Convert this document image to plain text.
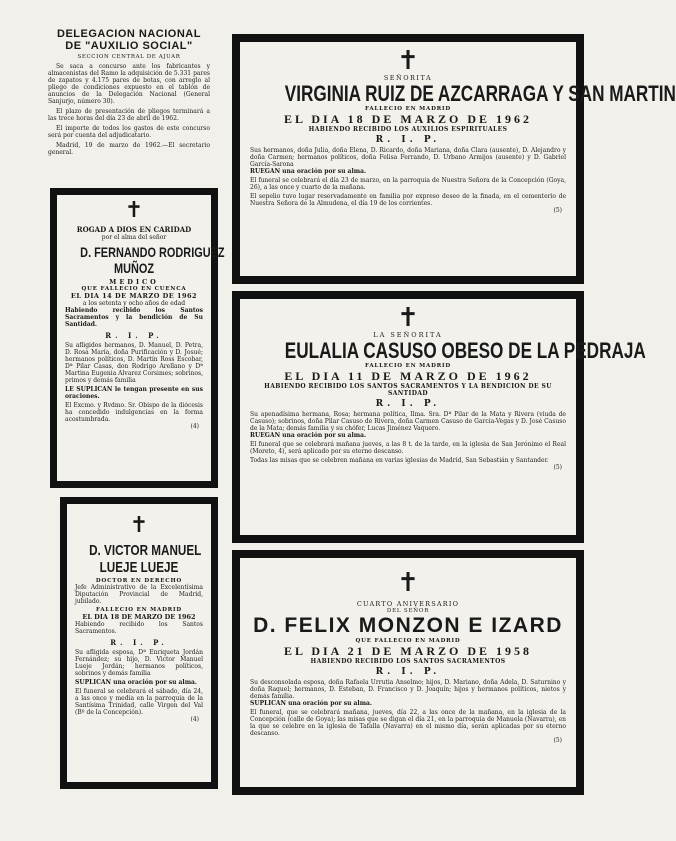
DELEGACION NACIONAL
DE "AUXILIO SOCIAL"
SECCION CENTRAL DE AJUAR
Se saca a concurso ante los fabricantes y almacenistas del Ramo la adquisición de 5.331 pares de zapatos y 4.175 pares de botas, con arreglo al pliego de condiciones expuesto en el tablón de anuncios de la Delegación Nacional (General Sanjurjo, número 30).
El plazo de presentación de pliegos terminará a las trece horas del día 23 de abril de 1962.
El importe de todos los gastos de este concurso será por cuenta del adjudicatario.
Madrid, 19 de marzo de 1962.—El secretario general.
✝
ROGAD A DIOS EN CARIDAD
por el alma del señor
D. FERNANDO RODRIGUEZ
MUÑOZ
MEDICO
QUE FALLECIO EN CUENCA
EL DIA 14 DE MARZO DE 1962
a los setenta y ocho años de edad
Habiendo recibido los Santos Sacramentos y la bendición de Su Santidad.
R. I. P.
Su afligidos hermanos, D. Manuel, D. Petra, D. Rosa María, doña Purificación y D. Josué; hermanos políticos, D. Martín Ross Escobar, Dª Pilar Casas, don Rodrigo Arellano y Dª Martina Eugenia Alvarez Corsimes; sobrinos, primos y demás familia
LE SUPLICAN le tengan presente en sus oraciones.
El Excmo. y Rvdmo. Sr. Obispo de la diócesis ha concedido indulgencias en la forma acostumbrada.
(4)
✝
D. VICTOR MANUEL
LUEJE LUEJE
DOCTOR EN DERECHO
Jefe Administrativo de la Excelentísima Diputación Provincial de Madrid, jubilado.
FALLECIO EN MADRID
EL DIA 18 DE MARZO DE 1962
Habiendo recibido los Santos Sacramentos.
R. I. P.
Su afligida esposa, Dª Enriqueta Jordán Fernández; su hijo, D. Victor Manuel Lueje Jordán; hermanos políticos, sobrinos y demás familia
SUPLICAN una oración por su alma.
El funeral se celebrará el sábado, día 24, a las once y media en la parroquia de la Santísima Trinidad, calle Virgen del Val (Bº de la Concepción).
(4)
✝
SEÑORITA
VIRGINIA RUIZ DE AZCARRAGA Y SAN MARTIN
FALLECIO EN MADRID
EL DIA 18 DE MARZO DE 1962
HABIENDO RECIBIDO LOS AUXILIOS ESPIRITUALES
R. I. P.
Sus hermanos, doña Julia, doña Elena, D. Ricardo, doña Mariana, doña Clara (ausente), D. Alejandro y doña Carmen; hermanos políticos, doña Felisa Ferrando, D. Urbano Armijos (ausente) y D. Gabriel García-Sarona
RUEGAN una oración por su alma.
El funeral se celebrará el día 23 de marzo, en la parroquia de Nuestra Señora de la Concepción (Goya, 26), a las once y cuarto de la mañana.
El sepelio tuvo lugar reservadamente en familia por expreso deseo de la finada, en el cementerio de Nuestra Señora de la Almudena, el día 19 de los corrientes.
(5)
✝
LA SEÑORITA
EULALIA CASUSO OBESO DE LA PEDRAJA
FALLECIO EN MADRID
EL DIA 11 DE MARZO DE 1962
HABIENDO RECIBIDO LOS SANTOS SACRAMENTOS Y LA BENDICION DE SU SANTIDAD
R. I. P.
Su apenadísima hermana, Rosa; hermana política, Ilma. Sra. Dª Pilar de la Mata y Rivera (viuda de Casuso); sobrinos, doña Pilar Casuso de Rivera, doña Carmen Casuso de Garcia-Vegas y D. José Casuso de la Mata; demás familia y su chófer, Lucas Jiménez Vaquero.
RUEGAN una oración por su alma.
El funeral que se celebrará mañana jueves, a las 8 t. de la tarde, en la iglesia de San Jerónimo el Real (Moreto, 4), será aplicado por su eterno descanso.
Todas las misas que se celebren mañana en varias iglesias de Madrid, San Sebastián y Santander.
(5)
✝
CUARTO ANIVERSARIO
DEL SEÑOR
D. FELIX MONZON E IZARD
QUE FALLECIO EN MADRID
EL DIA 21 DE MARZO DE 1958
HABIENDO RECIBIDO LOS SANTOS SACRAMENTOS
R. I. P.
Su desconsolada esposa, doña Rafaela Urrutia Anselmo; hijos, D. Mariano, doña Adela, D. Saturnino y doña Raquel; hermanos, D. Esteban, D. Francisco y D. Joaquín; hijos y hermanos políticos, nietos y demás familia.
SUPLICAN una oración por su alma.
El funeral, que se celebrará mañana, jueves, día 22, a las once de la mañana, en la iglesia de la Concepción (calle de Goya); las misas que se digan el día 21, en la parroquia de Manuela (Navarra), en la que se celebre en la iglesia de Tafalla (Navarra) en el mismo día, serán aplicadas por su eterno descanso.
(5)
